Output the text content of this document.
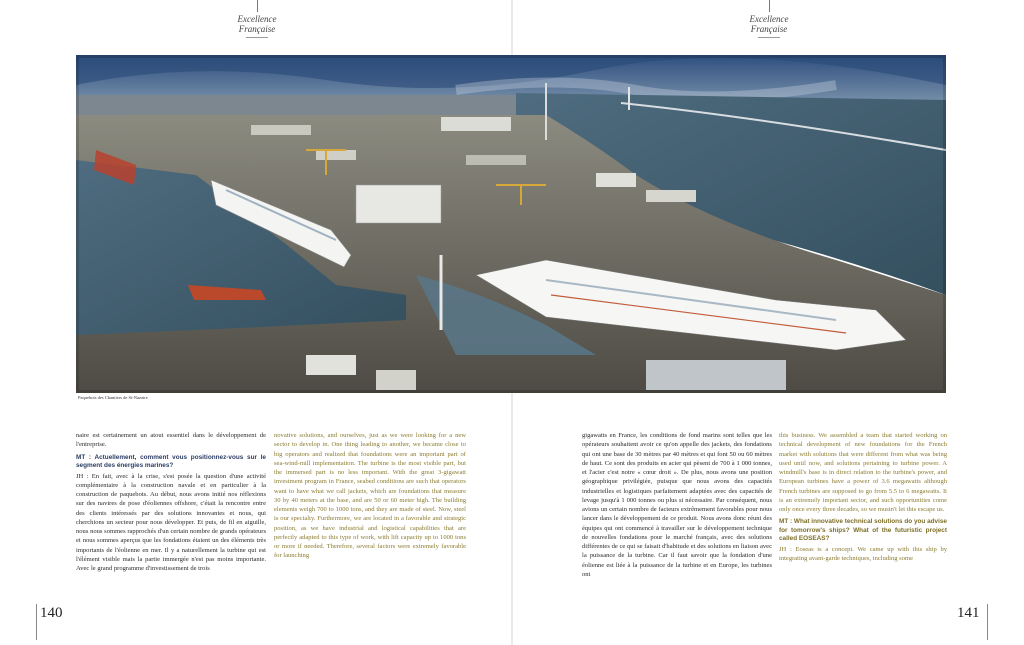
Excellence Française
Excellence Française
Paquebots des Chantiers de St-Nazaire

naire est certainement un atout essentiel dans le développement de l'entreprise.

MT : Actuellement, comment vous positionnez-vous sur le segment des énergies marines?

JH : En fait, avec à la crise, s'est posée la question d'une activité complémentaire à la construction navale et en particulier à la construction de paquebots. Au début, nous avons initié nos réflexions sur des navires de pose d'éoliennes offshore, c'était la rencontre entre des clients intéressés par des solutions innovantes et nous, qui cherchions un secteur pour nous développer. Et puis, de fil en aiguille, nous nous sommes rapprochés d'un certain nombre de grands opérateurs et nous sommes aperçus que les fondations étaient un des éléments très importants de l'éolienne en mer. Il y a naturellement la turbine qui est l'élément visible mais la partie immergée n'est pas moins importante. Avec le grand programme d'investissement de trois

novative solutions, and ourselves, just as we were looking for a new sector to develop in. One thing leading to another, we became close to big operators and realized that foundations were an important part of sea-wind-mill implementation. The turbine is the most visible part, but the immersed part is no less important. With the great 3-gigawatt investment program in France, seabed conditions are such that operators want to have what we call jackets, which are foundations that measure 30 by 40 meters at the base, and are 50 or 60 meter high. The building elements weigh 700 to 1000 tons, and they are made of steel. Now, steel is our specialty. Furthermore, we are located in a favorable and strategic position, as we have industrial and logistical capabilities that are perfectly adapted to this type of work, with lift capacity up to 1000 tons or more if needed. Therefore, several factors were extremely favorable for launching

gigawatts en France, les conditions de fond marins sont telles que les opérateurs souhaitent avoir ce qu'on appelle des jackets, des fondations qui ont une base de 30 mètres par 40 mètres et qui font 50 ou 60 mètres de haut. Ce sont des produits en acier qui pèsent de 700 à 1 000 tonnes, et l'acier c'est notre « cœur droit ». De plus, nous avons une position géographique privilégiée, puisque que nous avons des capacités industrielles et logistiques parfaitement adaptées avec des capacités de levage jusqu'à 1 000 tonnes ou plus si nécessaire. Par conséquent, nous avions un certain nombre de facteurs extrêmement favorables pour nous lancer dans le développement de ce produit. Nous avons donc réuni des équipes qui ont commencé à travailler sur le développement technique de nouvelles fondations pour le marché français, avec des solutions différentes de ce qui se faisait d'habitude et des solutions en liaison avec la puissance de la turbine. Car il faut savoir que la fondation d'une éolienne est liée à la puissance de la turbine et en Europe, les turbines ont

this business. We assembled a team that started working on technical development of new foundations for the French market with solutions that were different from what was being used until now, and solutions pertaining to turbine power. A windmill's base is in direct relation to the turbine's power, and European turbines have a power of 3.6 megawatts although French turbines are supposed to go from 5.5 to 6 megawatts. It is an extremely important sector, and such opportunities come only once every three decades, so we mustn't let this escape us.

MT : What innovative technical solutions do you advise for tomorrow's ships? What of the futuristic project called EOSEAS?

JH : Eoseas is a concept. We came up with this ship by integrating avant-garde techniques, including some

140	141
